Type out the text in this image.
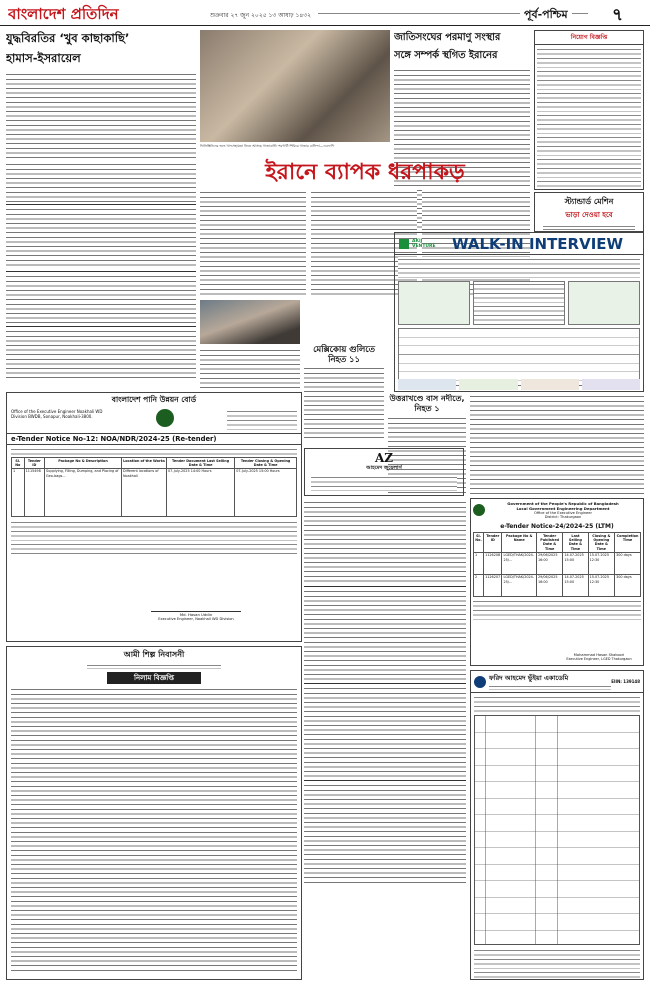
বাংলাদেশ প্রতিদিন	শুক্রবার ২৭ জুন ২০২৫ ১৩ আষাঢ় ১৪৩২	পূর্ব-পশ্চিম	৭
যুদ্ধবিরতির ‘খুব কাছাকাছি’
হামাস-ইসরায়েল
ফিলিস্তিনিদের জন্য খাদ্যসহায়তা নিতে আসছে গাজাবাসী। শরণার্থী শিবিরে গাজার বাসিন্দা—এএফপি
জাতিসংঘের পরমাণু সংস্থার
সঙ্গে সম্পর্ক স্থগিত ইরানের
নিয়োগ বিজ্ঞপ্তি
স্ট্যান্ডার্ড মেশিন
ভাড়া দেওয়া হবে
ইরানে ব্যাপক ধরপাকড়
AKIJ VENTURE WALK-IN INTERVIEW
মেক্সিকোয় গুলিতে নিহত ১১
উত্তরাখণ্ডে বাস নদীতে, নিহত ১
বাংলাদেশ পানি উন্নয়ন বোর্ড
Office of the Executive Engineer Noakhali WD Division BWDB, Sonapur, Noakhali-3800.
e-Tender Notice No-12: NOA/NDR/2024-25 (Re-tender)
Sl. No	Tender ID	Package No & Description	Location of the Works	Tender Document Last Selling Date & Time	Tender Closing & Opening Date & Time
1	1115498	Supplying, Filling, Dumping, and Placing of Geo-bags...	Different locations of Noakhali	07-July-2025 14:00 Hours	07-July-2025 15:00 Hours
Md. Hasan Uddin
Executive Engineer, Noakhali WD Division
AZ
আহমেদ জুয়েলার্স
Government of the People's Republic of Bangladesh
Local Government Engineering Department
Office of the Executive Engineer
District: Thakurgaon
e-Tender Notice-24/2024-25 (LTM)
Sl. No.	Tender ID	Package No & Name	Tender Published Date & Time	Last Selling Date & Time	Closing & Opening Date & Time	Completion Time
1	1126208	LGED/THAK/2024-25/...	29/06/2025 16:00	14.07.2025 15:00	15.07.2025 12:30	300 days
2	1126207	LGED/THAK/2024-25/...	29/06/2025 16:00	14.07.2025 15:00	15.07.2025 12:30	300 days
Mohammad Hasan Shakoori
Executive Engineer, LGED Thakurgaon
আমী শিল্প নিবাসনী
নিলাম বিজ্ঞপ্তি	ফরিদ আহমেদ ভুঁইয়া একাডেমি	EIIN: 139148
